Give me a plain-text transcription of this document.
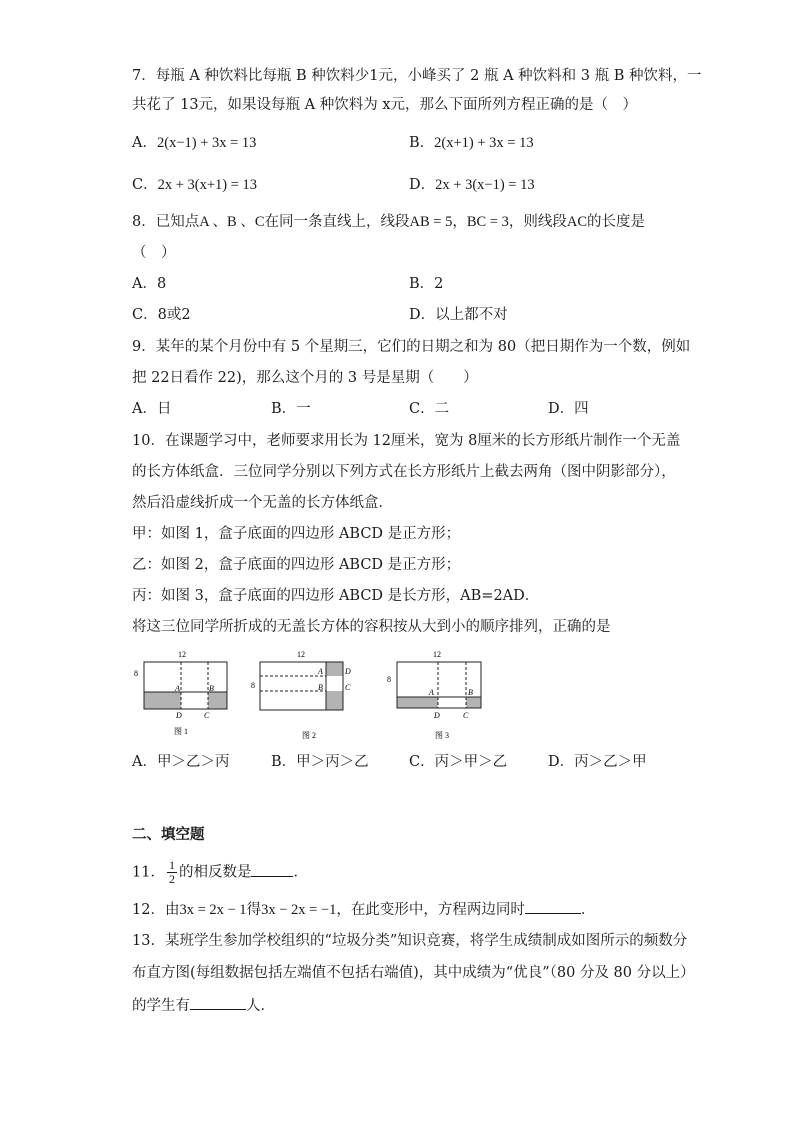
7．每瓶 A 种饮料比每瓶 B 种饮料少1元，小峰买了 2 瓶 A 种饮料和 3 瓶 B 种饮料，一
共花了 13元，如果设每瓶 A 种饮料为 x元，那么下面所列方程正确的是（　）
A．2(x−1) + 3x = 13	B．2(x+1) + 3x = 13
C．2x + 3(x+1) = 13	D．2x + 3(x−1) = 13
8．已知点A 、B 、C在同一条直线上，线段AB = 5，BC = 3，则线段AC的长度是
（　）
A．8	B．2
C．8或2	D．以上都不对
9．某年的某个月份中有 5 个星期三，它们的日期之和为 80（把日期作为一个数，例如
把 22日看作 22)，那么这个月的 3 号是星期（　　）
A．日	B．一	C．二	D．四
10．在课题学习中，老师要求用长为 12厘米，宽为 8厘米的长方形纸片制作一个无盖
的长方体纸盒．三位同学分别以下列方式在长方形纸片上截去两角（图中阴影部分），
然后沿虚线折成一个无盖的长方体纸盒．
甲：如图 1，盒子底面的四边形 ABCD 是正方形；
乙：如图 2，盒子底面的四边形 ABCD 是正方形；
丙：如图 3，盒子底面的四边形 ABCD 是长方形，AB=2AD．
将这三位同学所折成的无盖长方体的容积按从大到小的顺序排列，正确的是
12
8
A	B
D	C
图 1
12
8
A	D
B	C
图 2
12
8
A	B
D	C
图 3
A．甲＞乙＞丙	B．甲＞丙＞乙	C．丙＞甲＞乙	D．丙＞乙＞甲
二、填空题
11． $\frac{1}{2}$ 的相反数是	．
12．由3x = 2x − 1得3x − 2x = −1，在此变形中，方程两边同时	．
13．某班学生参加学校组织的“垃圾分类”知识竞赛，将学生成绩制成如图所示的频数分
布直方图(每组数据包括左端值不包括右端值)，其中成绩为“优良”（80 分及 80 分以上）
的学生有	人．
